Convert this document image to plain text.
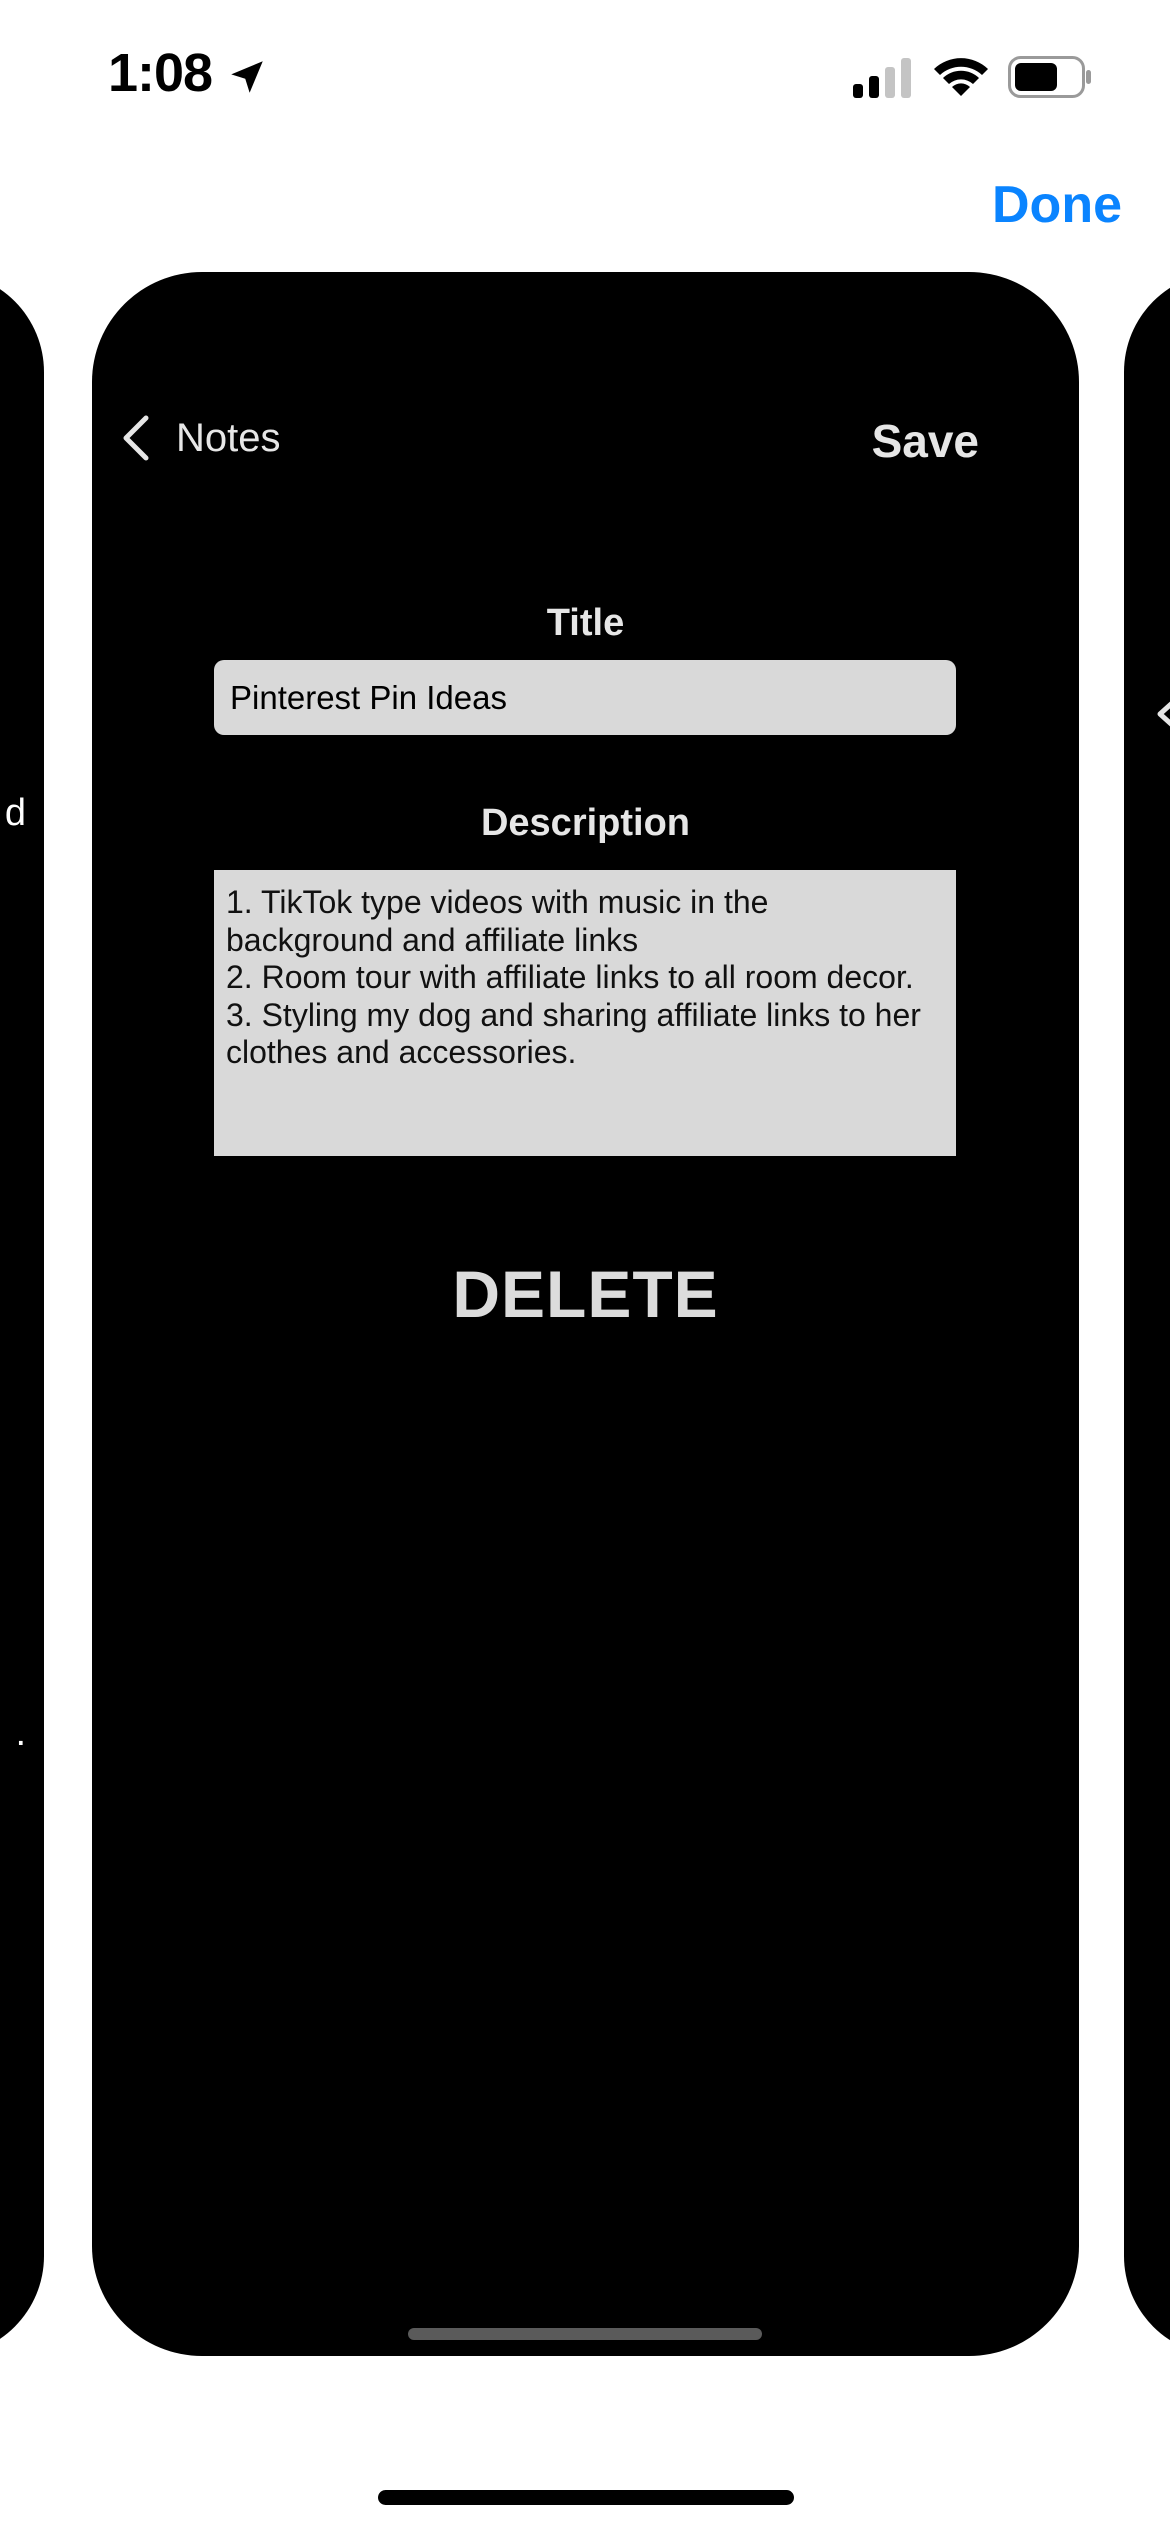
1:08
Done
d
.
Notes	Save
Title
Pinterest Pin Ideas
Description
1. TikTok type videos with music in the background and affiliate links
2. Room tour with affiliate links to all room decor.
3. Styling my dog and sharing affiliate links to her clothes and accessories.
DELETE
